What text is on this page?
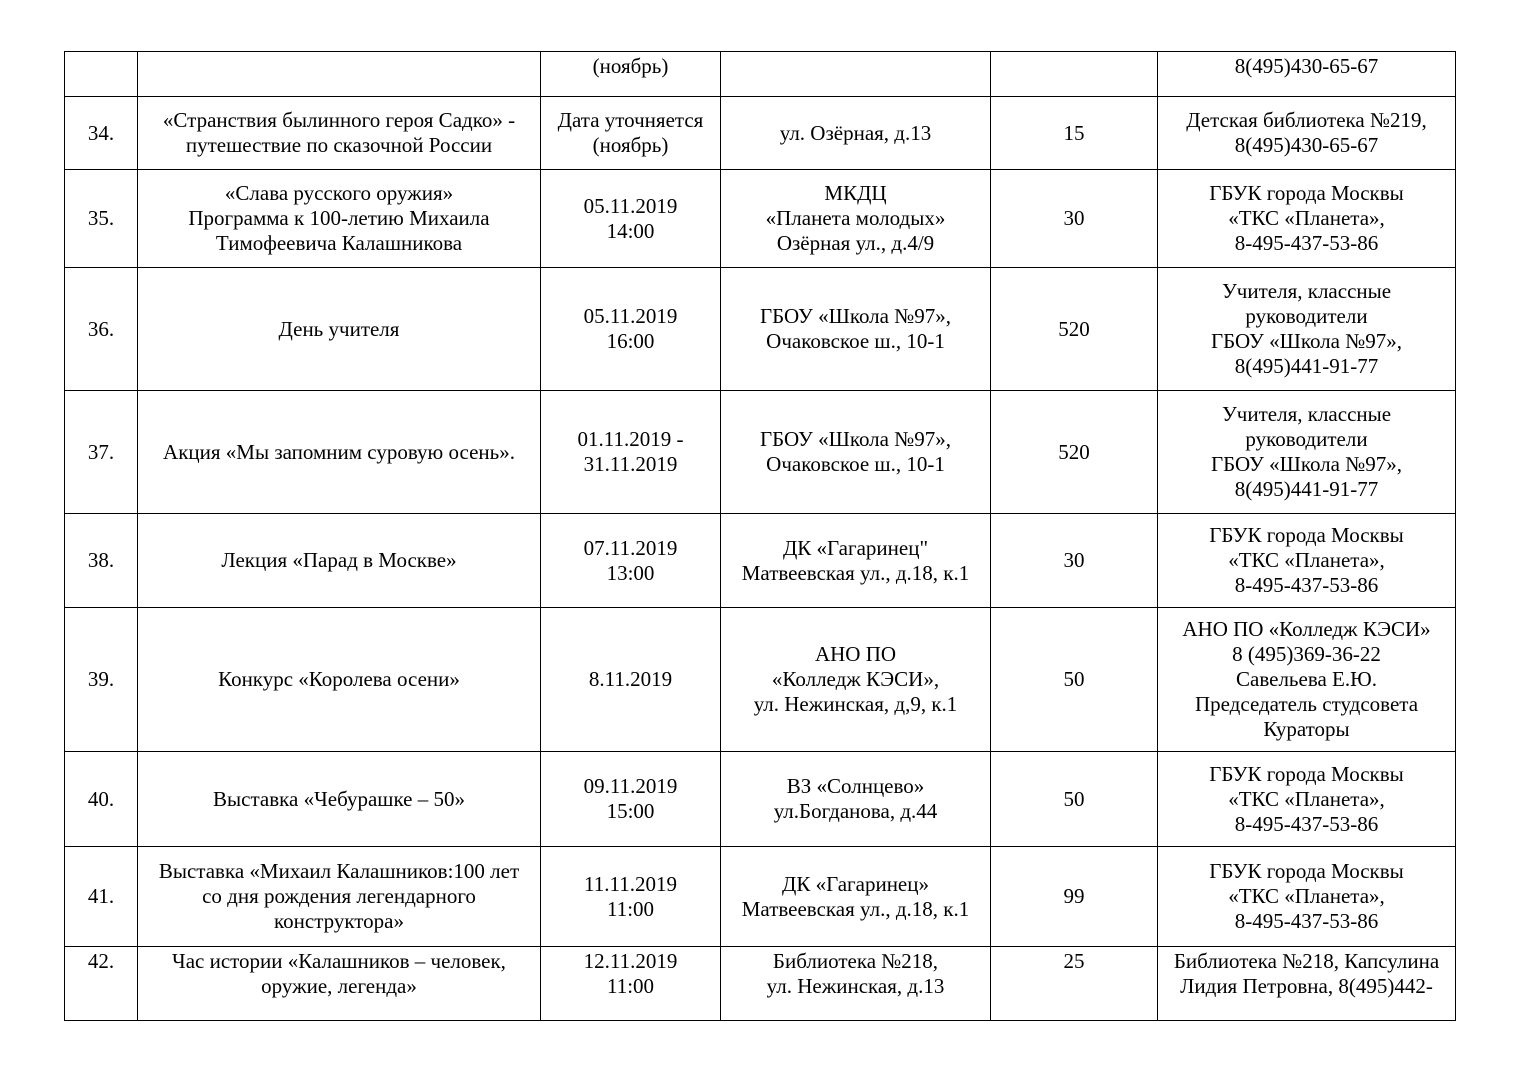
		(ноябрь)			8(495)430-65-67

34.	«Странствия былинного героя Садко» -
путешествие по сказочной России	Дата уточняется
(ноябрь)	ул. Озёрная, д.13	15	Детская библиотека №219,
8(495)430-65-67

35.	«Слава русского оружия»
Программа к 100-летию Михаила
Тимофеевича Калашникова	05.11.2019
14:00	МКДЦ
«Планета молодых»
Озёрная ул., д.4/9	30	ГБУК города Москвы
«ТКС «Планета»,
8-495-437-53-86

36.	День учителя	05.11.2019
16:00	ГБОУ «Школа №97»,
Очаковское ш., 10-1	520	Учителя, классные
руководители
ГБОУ «Школа №97»,
8(495)441-91-77

37.	Акция «Мы запомним суровую осень».	01.11.2019 -
31.11.2019	ГБОУ «Школа №97»,
Очаковское ш., 10-1	520	Учителя, классные
руководители
ГБОУ «Школа №97»,
8(495)441-91-77

38.	Лекция «Парад в Москве»	07.11.2019
13:00	ДК «Гагаринец"
Матвеевская ул., д.18, к.1	30	ГБУК города Москвы
«ТКС «Планета»,
8-495-437-53-86

39.	Конкурс «Королева осени»	8.11.2019	АНО ПО
«Колледж КЭСИ»,
ул. Нежинская, д,9, к.1	50	АНО ПО «Колледж КЭСИ»
8 (495)369-36-22
Савельева Е.Ю.
Председатель студсовета
Кураторы

40.	Выставка «Чебурашке – 50»	09.11.2019
15:00	ВЗ «Солнцево»
ул.Богданова, д.44	50	ГБУК города Москвы
«ТКС «Планета»,
8-495-437-53-86

41.	Выставка «Михаил Калашников:100 лет
со дня рождения легендарного
конструктора»	11.11.2019
11:00	ДК «Гагаринец»
Матвеевская ул., д.18, к.1	99	ГБУК города Москвы
«ТКС «Планета»,
8-495-437-53-86

42.	Час истории «Калашников – человек,
оружие, легенда»	12.11.2019
11:00	Библиотека №218,
ул. Нежинская, д.13	25	Библиотека №218, Капсулина
Лидия Петровна, 8(495)442-
